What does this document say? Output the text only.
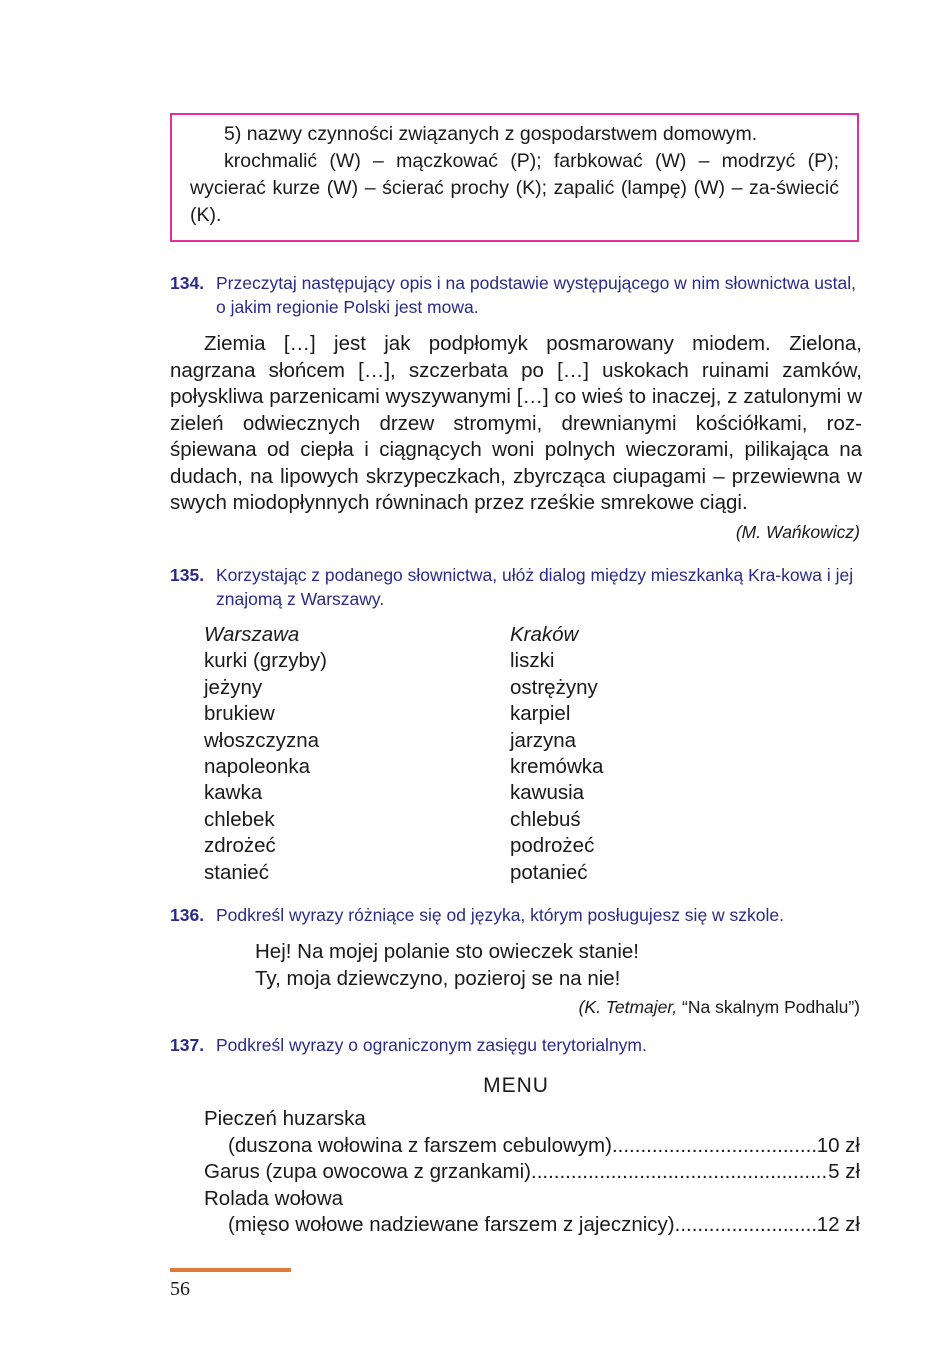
5) nazwy czynności związanych z gospodarstwem domowym.

krochmalić (W) – mączkować (P); farbkować (W) – modrzyć (P); wycierać kurze (W) – ścierać prochy (K); zapalić (lampę) (W) – za-świecić (K).

134. Przeczytaj następujący opis i na podstawie występującego w nim słownictwa ustal, o jakim regionie Polski jest mowa.

Ziemia […] jest jak podpłomyk posmarowany miodem. Zielona, nagrzana słońcem […], szczerbata po […] uskokach ruinami zamków, połyskliwa parzenicami wyszywanymi […] co wieś to inaczej, z zatulonymi w zieleń odwiecznych drzew stromymi, drewnianymi kościółkami, roz-śpiewana od ciepła i ciągnących woni polnych wieczorami, pilikająca na dudach, na lipowych skrzypeczkach, zbyrcząca ciupagami – przewiewna w swych miodopłynnych równinach przez rześkie smrekowe ciągi.

(M. Wańkowicz)
135. Korzystając z podanego słownictwa, ułóż dialog między mieszkanką Kra-kowa i jej znajomą z Warszawy.
Warszawa	Kraków
kurki (grzyby)	liszki
jeżyny	ostrężyny
brukiew	karpiel
włoszczyzna	jarzyna
napoleonka	kremówka
kawka	kawusia
chlebek	chlebuś
zdrożeć	podrożeć
stanieć	potanieć
136. Podkreśl wyrazy różniące się od języka, którym posługujesz się w szkole.
Hej! Na mojej polanie sto owieczek stanie!
Ty, moja dziewczyno, pozieroj se na nie!
(K. Tetmajer, “Na skalnym Podhalu”)
137. Podkreśl wyrazy o ograniczonym zasięgu terytorialnym.
MENU
Pieczeń huzarska
(duszona wołowina z farszem cebulowym) .....	10 zł
Garus (zupa owocowa z grzankami) .....	5 zł
Rolada wołowa
(mięso wołowe nadziewane farszem z jajecznicy) .....	12 zł
56
